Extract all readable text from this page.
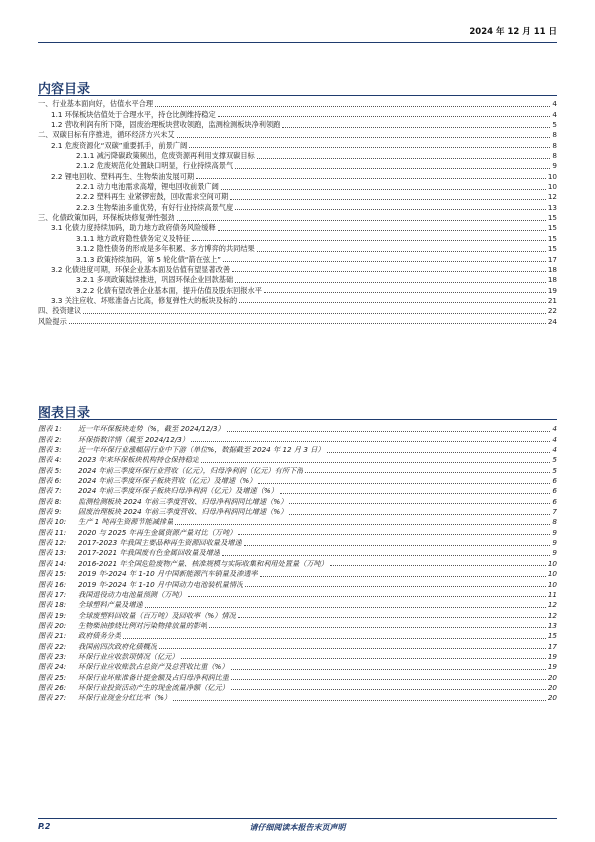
2024 年 12 月 11 日
内容目录
一、行业基本面向好，估值水平合理	4
1.1 环保板块估值处于合理水平，持仓比例维持稳定	4
1.2 营收利润有所下降，固废治理板块营收领跑，监测检测板块净利领跑	5
二、双碳目标有序推进，循环经济方兴未艾	8
2.1 危废资源化“双碳”重要抓手，前景广阔	8
2.1.1 减污降碳政策频出，危废资源再利用支撑双碳目标	8
2.1.2 危废规范化处置缺口明显，行业持续高景气	9
2.2 锂电回收、塑料再生、生物柴油发展可期	10
2.2.1 动力电池需求高增，锂电回收前景广阔	10
2.2.2 塑料再生 业紧锣密鼓，回收需求空间可期	12
2.2.3 生物柴油多重优势，有好行业持续高景气度	13
三、化债政策加码，环保板块修复弹性强劲	15
3.1 化债力度持续加码，助力地方政府债务风险缓释	15
3.1.1 地方政府隐性债务定义及特征	15
3.1.2 隐性债务的形成是多年积累、多方博弈的共同结果	15
3.1.3 政策持续加码，第 5 轮化债“箭在弦上”	17
3.2 化债进度可期，环保企业基本面及估值有望显著改善	18
3.2.1 多项政策陆续推进，巩固环保企业回款基础	18
3.2.2 化债有望改善企业基本面，提升估值及股东回报水平	19
3.3 关注应收、坏账准备占比高，修复弹性大的板块及标的	21
四、投资建议	22
风险提示	24
图表目录
图表 1: 近一年环保板块走势（%，截至 2024/12/3）	4
图表 2: 环保指数详情（截至 2024/12/3）	4
图表 3: 近一年环保行业涨幅居行业中下游（单位%，数据截至 2024 年 12 月 3 日）	4
图表 4: 2023 年来环保板块机构持仓保持稳定	5
图表 5: 2024 年前三季度环保行业营收（亿元），归母净利润（亿元）有所下滑	5
图表 6: 2024 年前三季度环保子板块营收（亿元）及增速（%）	6
图表 7: 2024 年前三季度环保子板块归母净利润（亿元）及增速（%）	6
图表 8: 监测检测板块 2024 年前三季度营收、归母净利润同比增速（%）	6
图表 9: 固废治理板块 2024 年前三季度营收、归母净利润同比增速（%）	7
图表 10: 生产 1 吨再生资源节能减排量	8
图表 11: 2020 与 2025 年再生金属资源产量对比（万吨）	9
图表 12: 2017-2023 年我国主要品种再生资源回收量及增速	9
图表 13: 2017-2021 年我国废有色金属回收量及增速	9
图表 14: 2016-2021 年全国危险废物产量、核准规模与实际收集和利用处置量（万吨）	10
图表 15: 2019 年-2024 年 1-10 月中国新能源汽车销量及渗透率	10
图表 16: 2019 年-2024 年 1-10 月中国动力电池装机量情况	10
图表 17: 我国退役动力电池量预测（万吨）	11
图表 18: 全球塑料产量及增速	12
图表 19: 全球废塑料回收量（百万吨）及回收率（%）情况	12
图表 20: 生物柴油掺烧比例对污染物排放量的影响	13
图表 21: 政府债务分类	15
图表 22: 我国前四次政府化债概况	17
图表 23: 环保行业应收款项情况（亿元）	19
图表 24: 环保行业应收账款占总资产及总营收比重（%）	19
图表 25: 环保行业坏账准备计提金额及占归母净利润比重	20
图表 26: 环保行业投资活动产生的现金流量净额（亿元）	20
图表 27: 环保行业现金分红比率（%）	20
P.2	请仔细阅读本报告末页声明
